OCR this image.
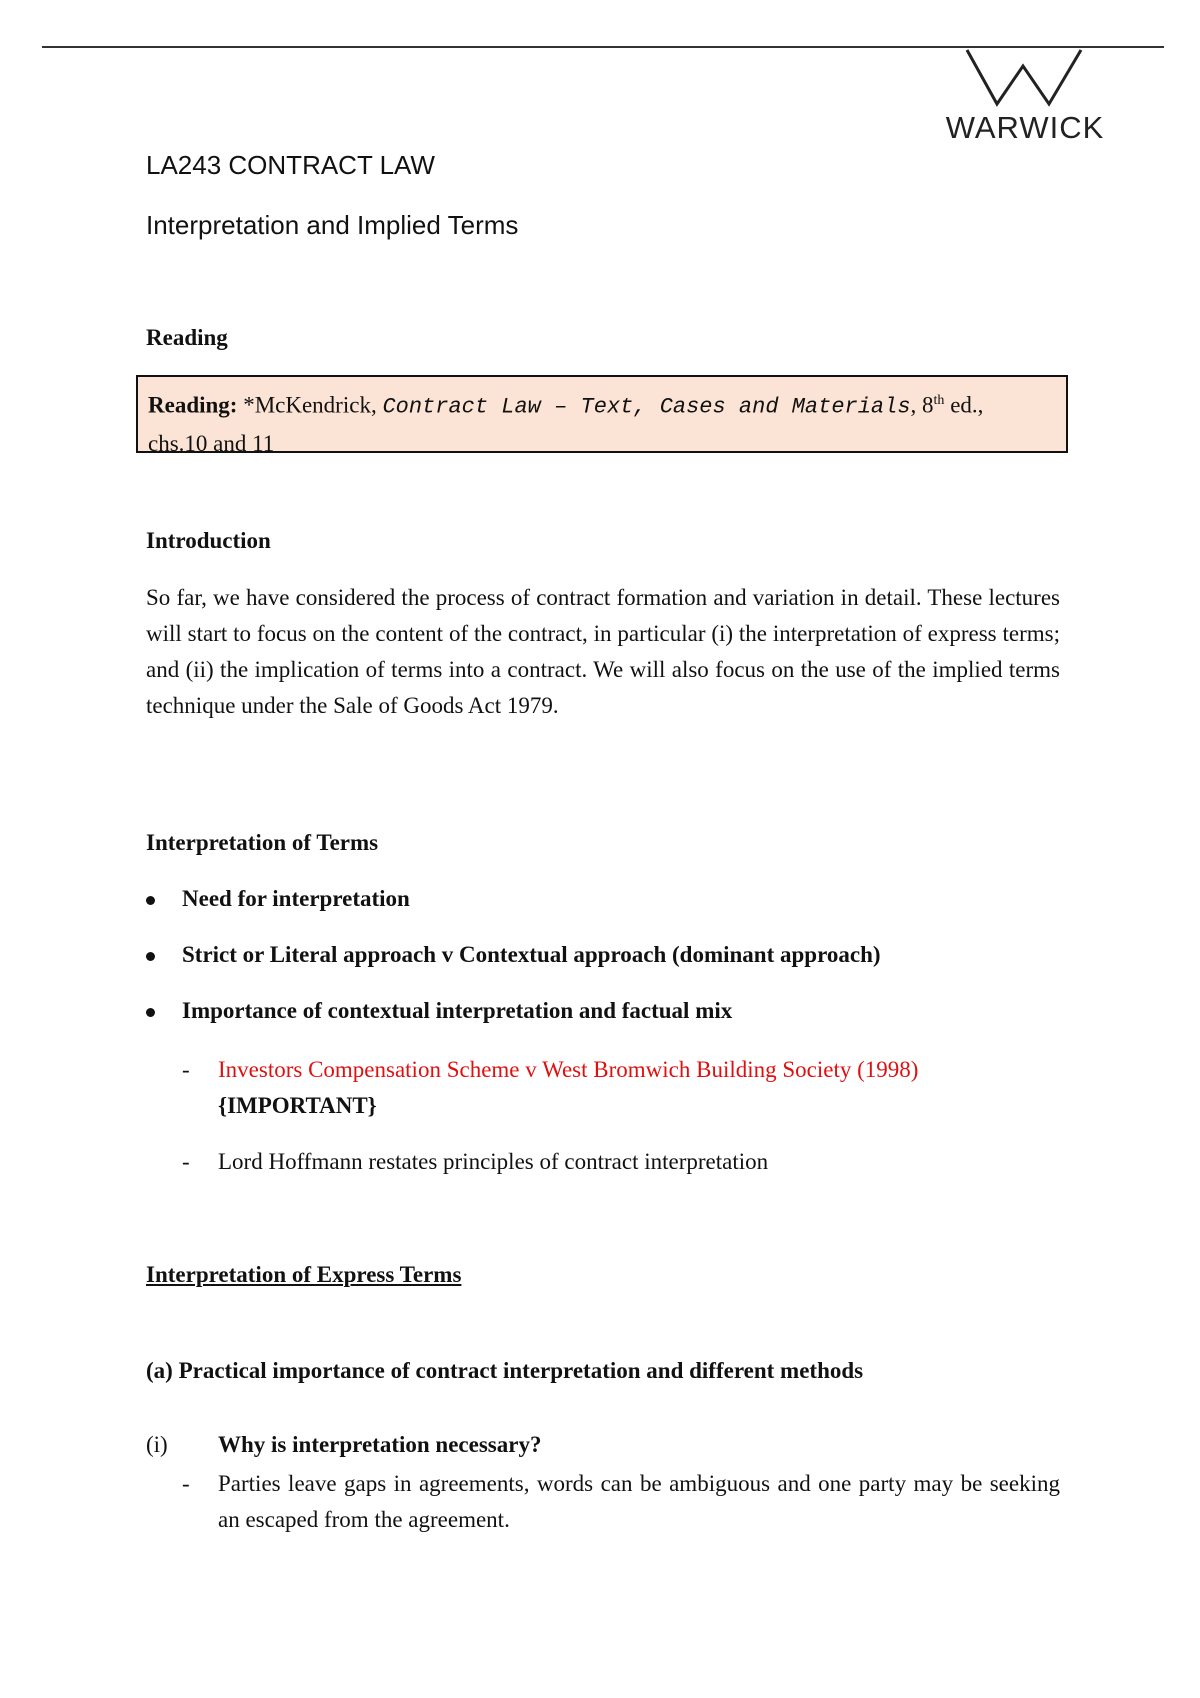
WARWICK
LA243 CONTRACT LAW
Interpretation and Implied Terms
Reading
Reading: *McKendrick, Contract Law – Text, Cases and Materials, 8th ed.,
chs.10 and 11
Introduction
So far, we have considered the process of contract formation and variation in detail. These lectures will start to focus on the content of the contract, in particular (i) the interpretation of express terms; and (ii) the implication of terms into a contract. We will also focus on the use of the implied terms technique under the Sale of Goods Act 1979.
Interpretation of Terms
Need for interpretation
Strict or Literal approach v Contextual approach (dominant approach)
Importance of contextual interpretation and factual mix
- Investors Compensation Scheme v West Bromwich Building Society (1998)
{IMPORTANT}
- Lord Hoffmann restates principles of contract interpretation
Interpretation of Express Terms
(a) Practical importance of contract interpretation and different methods
(i) Why is interpretation necessary?
- Parties leave gaps in agreements, words can be ambiguous and one party may be seeking an escaped from the agreement.
